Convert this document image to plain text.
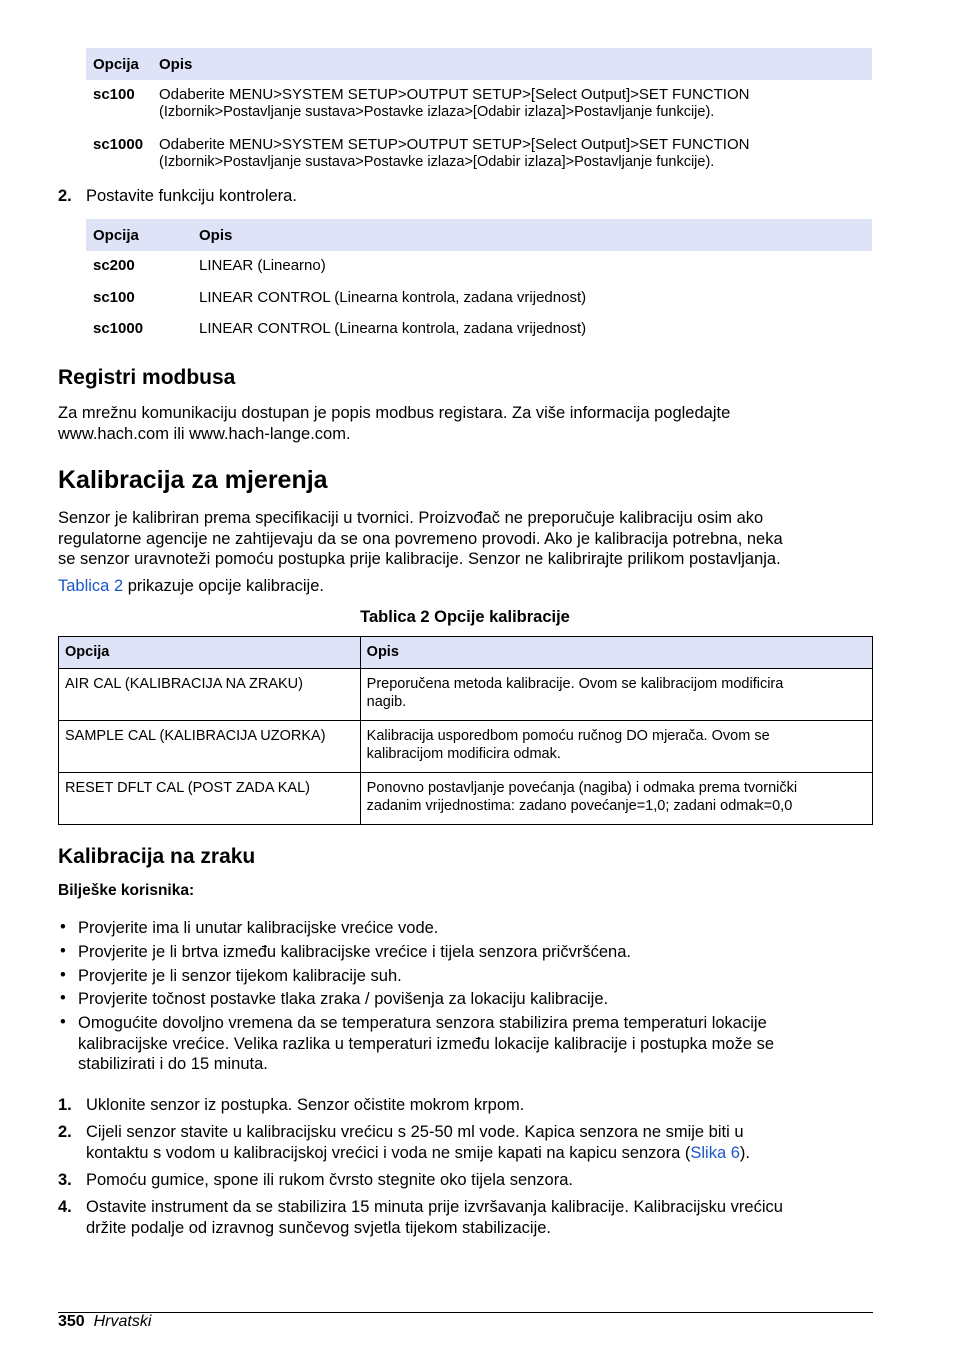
Opcija Opis
sc100 Odaberite MENU>SYSTEM SETUP>OUTPUT SETUP>[Select Output]>SET FUNCTION
(Izbornik>Postavljanje sustava>Postavke izlaza>[Odabir izlaza]>Postavljanje funkcije).
sc1000 Odaberite MENU>SYSTEM SETUP>OUTPUT SETUP>[Select Output]>SET FUNCTION
(Izbornik>Postavljanje sustava>Postavke izlaza>[Odabir izlaza]>Postavljanje funkcije).
2. Postavite funkciju kontrolera.
Opcija	Opis
sc200	LINEAR (Linearno)
sc100	LINEAR CONTROL (Linearna kontrola, zadana vrijednost)
sc1000	LINEAR CONTROL (Linearna kontrola, zadana vrijednost)
Registri modbusa
Za mrežnu komunikaciju dostupan je popis modbus registara. Za više informacija pogledajte
www.hach.com ili www.hach-lange.com.
Kalibracija za mjerenja
Senzor je kalibriran prema specifikaciji u tvornici. Proizvođač ne preporučuje kalibraciju osim ako
regulatorne agencije ne zahtijevaju da se ona povremeno provodi. Ako je kalibracija potrebna, neka
se senzor uravnoteži pomoću postupka prije kalibracije. Senzor ne kalibrirajte prilikom postavljanja.
Tablica 2 prikazuje opcije kalibracije.
Tablica 2 Opcije kalibracije
Opcija	Opis
AIR CAL (KALIBRACIJA NA ZRAKU)	Preporučena metoda kalibracije. Ovom se kalibracijom modificira
nagib.

SAMPLE CAL (KALIBRACIJA UZORKA)	Kalibracija usporedbom pomoću ručnog DO mjerača. Ovom se
kalibracijom modificira odmak.

RESET DFLT CAL (POST ZADA KAL)	Ponovno postavljanje povećanja (nagiba) i odmaka prema tvornički
zadanim vrijednostima: zadano povećanje=1,0; zadani odmak=0,0
Kalibracija na zraku
Bilješke korisnika:
• Provjerite ima li unutar kalibracijske vrećice vode.
• Provjerite je li brtva između kalibracijske vrećice i tijela senzora pričvršćena.
• Provjerite je li senzor tijekom kalibracije suh.
• Provjerite točnost postavke tlaka zraka / povišenja za lokaciju kalibracije.
• Omogućite dovoljno vremena da se temperatura senzora stabilizira prema temperaturi lokacije
kalibracijske vrećice. Velika razlika u temperaturi između lokacije kalibracije i postupka može se
stabilizirati i do 15 minuta.
1. Uklonite senzor iz postupka. Senzor očistite mokrom krpom.
2. Cijeli senzor stavite u kalibracijsku vrećicu s 25-50 ml vode. Kapica senzora ne smije biti u
kontaktu s vodom u kalibracijskoj vrećici i voda ne smije kapati na kapicu senzora (Slika 6).
3. Pomoću gumice, spone ili rukom čvrsto stegnite oko tijela senzora.
4. Ostavite instrument da se stabilizira 15 minuta prije izvršavanja kalibracije. Kalibracijsku vrećicu
držite podalje od izravnog sunčevog svjetla tijekom stabilizacije.
350 Hrvatski
